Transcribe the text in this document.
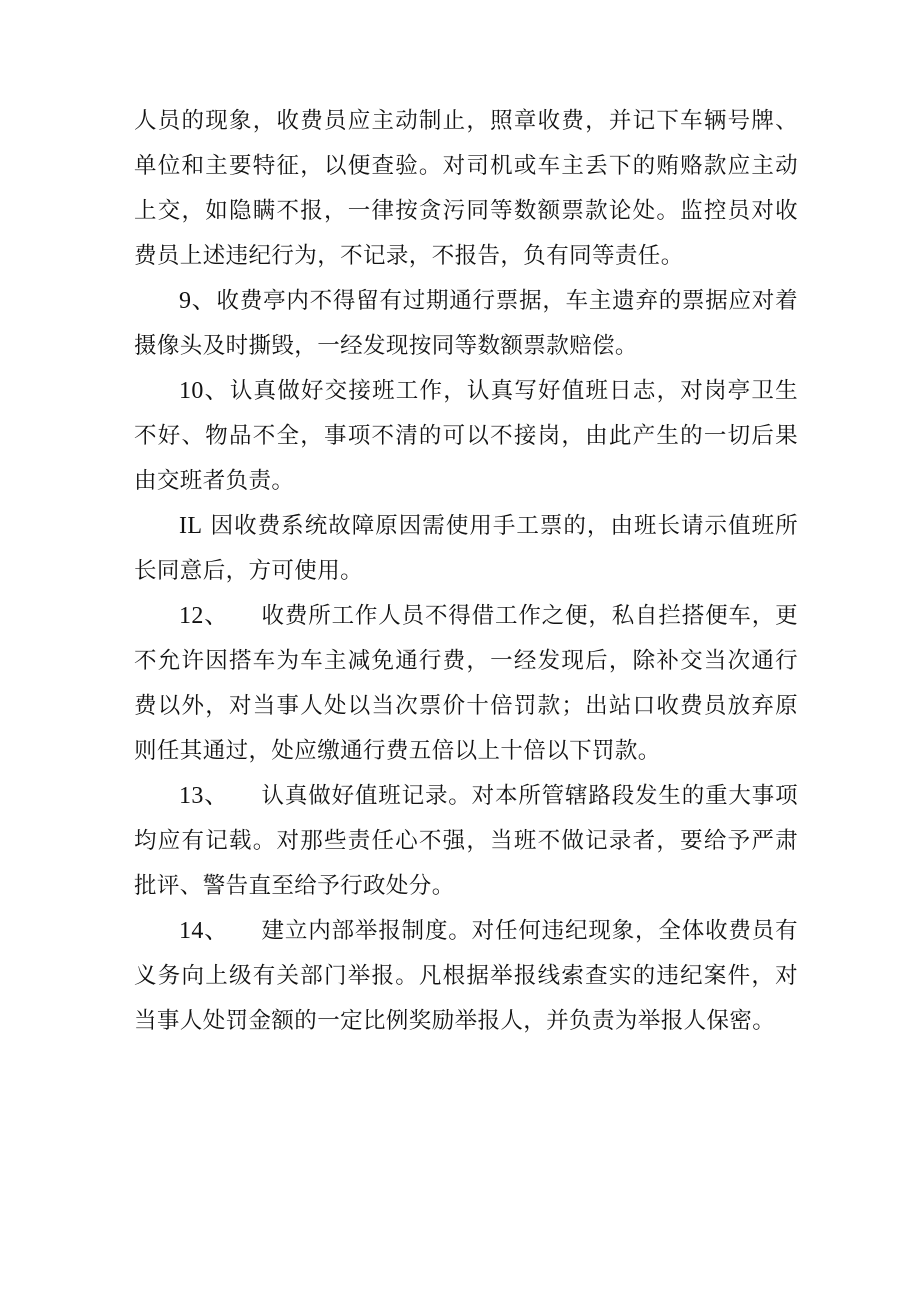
人员的现象，收费员应主动制止，照章收费，并记下车辆号牌、单位和主要特征，以便查验。对司机或车主丢下的贿赂款应主动上交，如隐瞒不报，一律按贪污同等数额票款论处。监控员对收费员上述违纪行为，不记录，不报告，负有同等责任。

9、收费亭内不得留有过期通行票据，车主遗弃的票据应对着摄像头及时撕毁，一经发现按同等数额票款赔偿。

10、认真做好交接班工作，认真写好值班日志，对岗亭卫生不好、物品不全，事项不清的可以不接岗，由此产生的一切后果由交班者负责。

IL 因收费系统故障原因需使用手工票的，由班长请示值班所长同意后，方可使用。

12、 收费所工作人员不得借工作之便，私自拦搭便车，更不允许因搭车为车主减免通行费，一经发现后，除补交当次通行费以外，对当事人处以当次票价十倍罚款；出站口收费员放弃原则任其通过，处应缴通行费五倍以上十倍以下罚款。

13、 认真做好值班记录。对本所管辖路段发生的重大事项均应有记载。对那些责任心不强，当班不做记录者，要给予严肃批评、警告直至给予行政处分。

14、 建立内部举报制度。对任何违纪现象，全体收费员有义务向上级有关部门举报。凡根据举报线索查实的违纪案件，对当事人处罚金额的一定比例奖励举报人，并负责为举报人保密。
